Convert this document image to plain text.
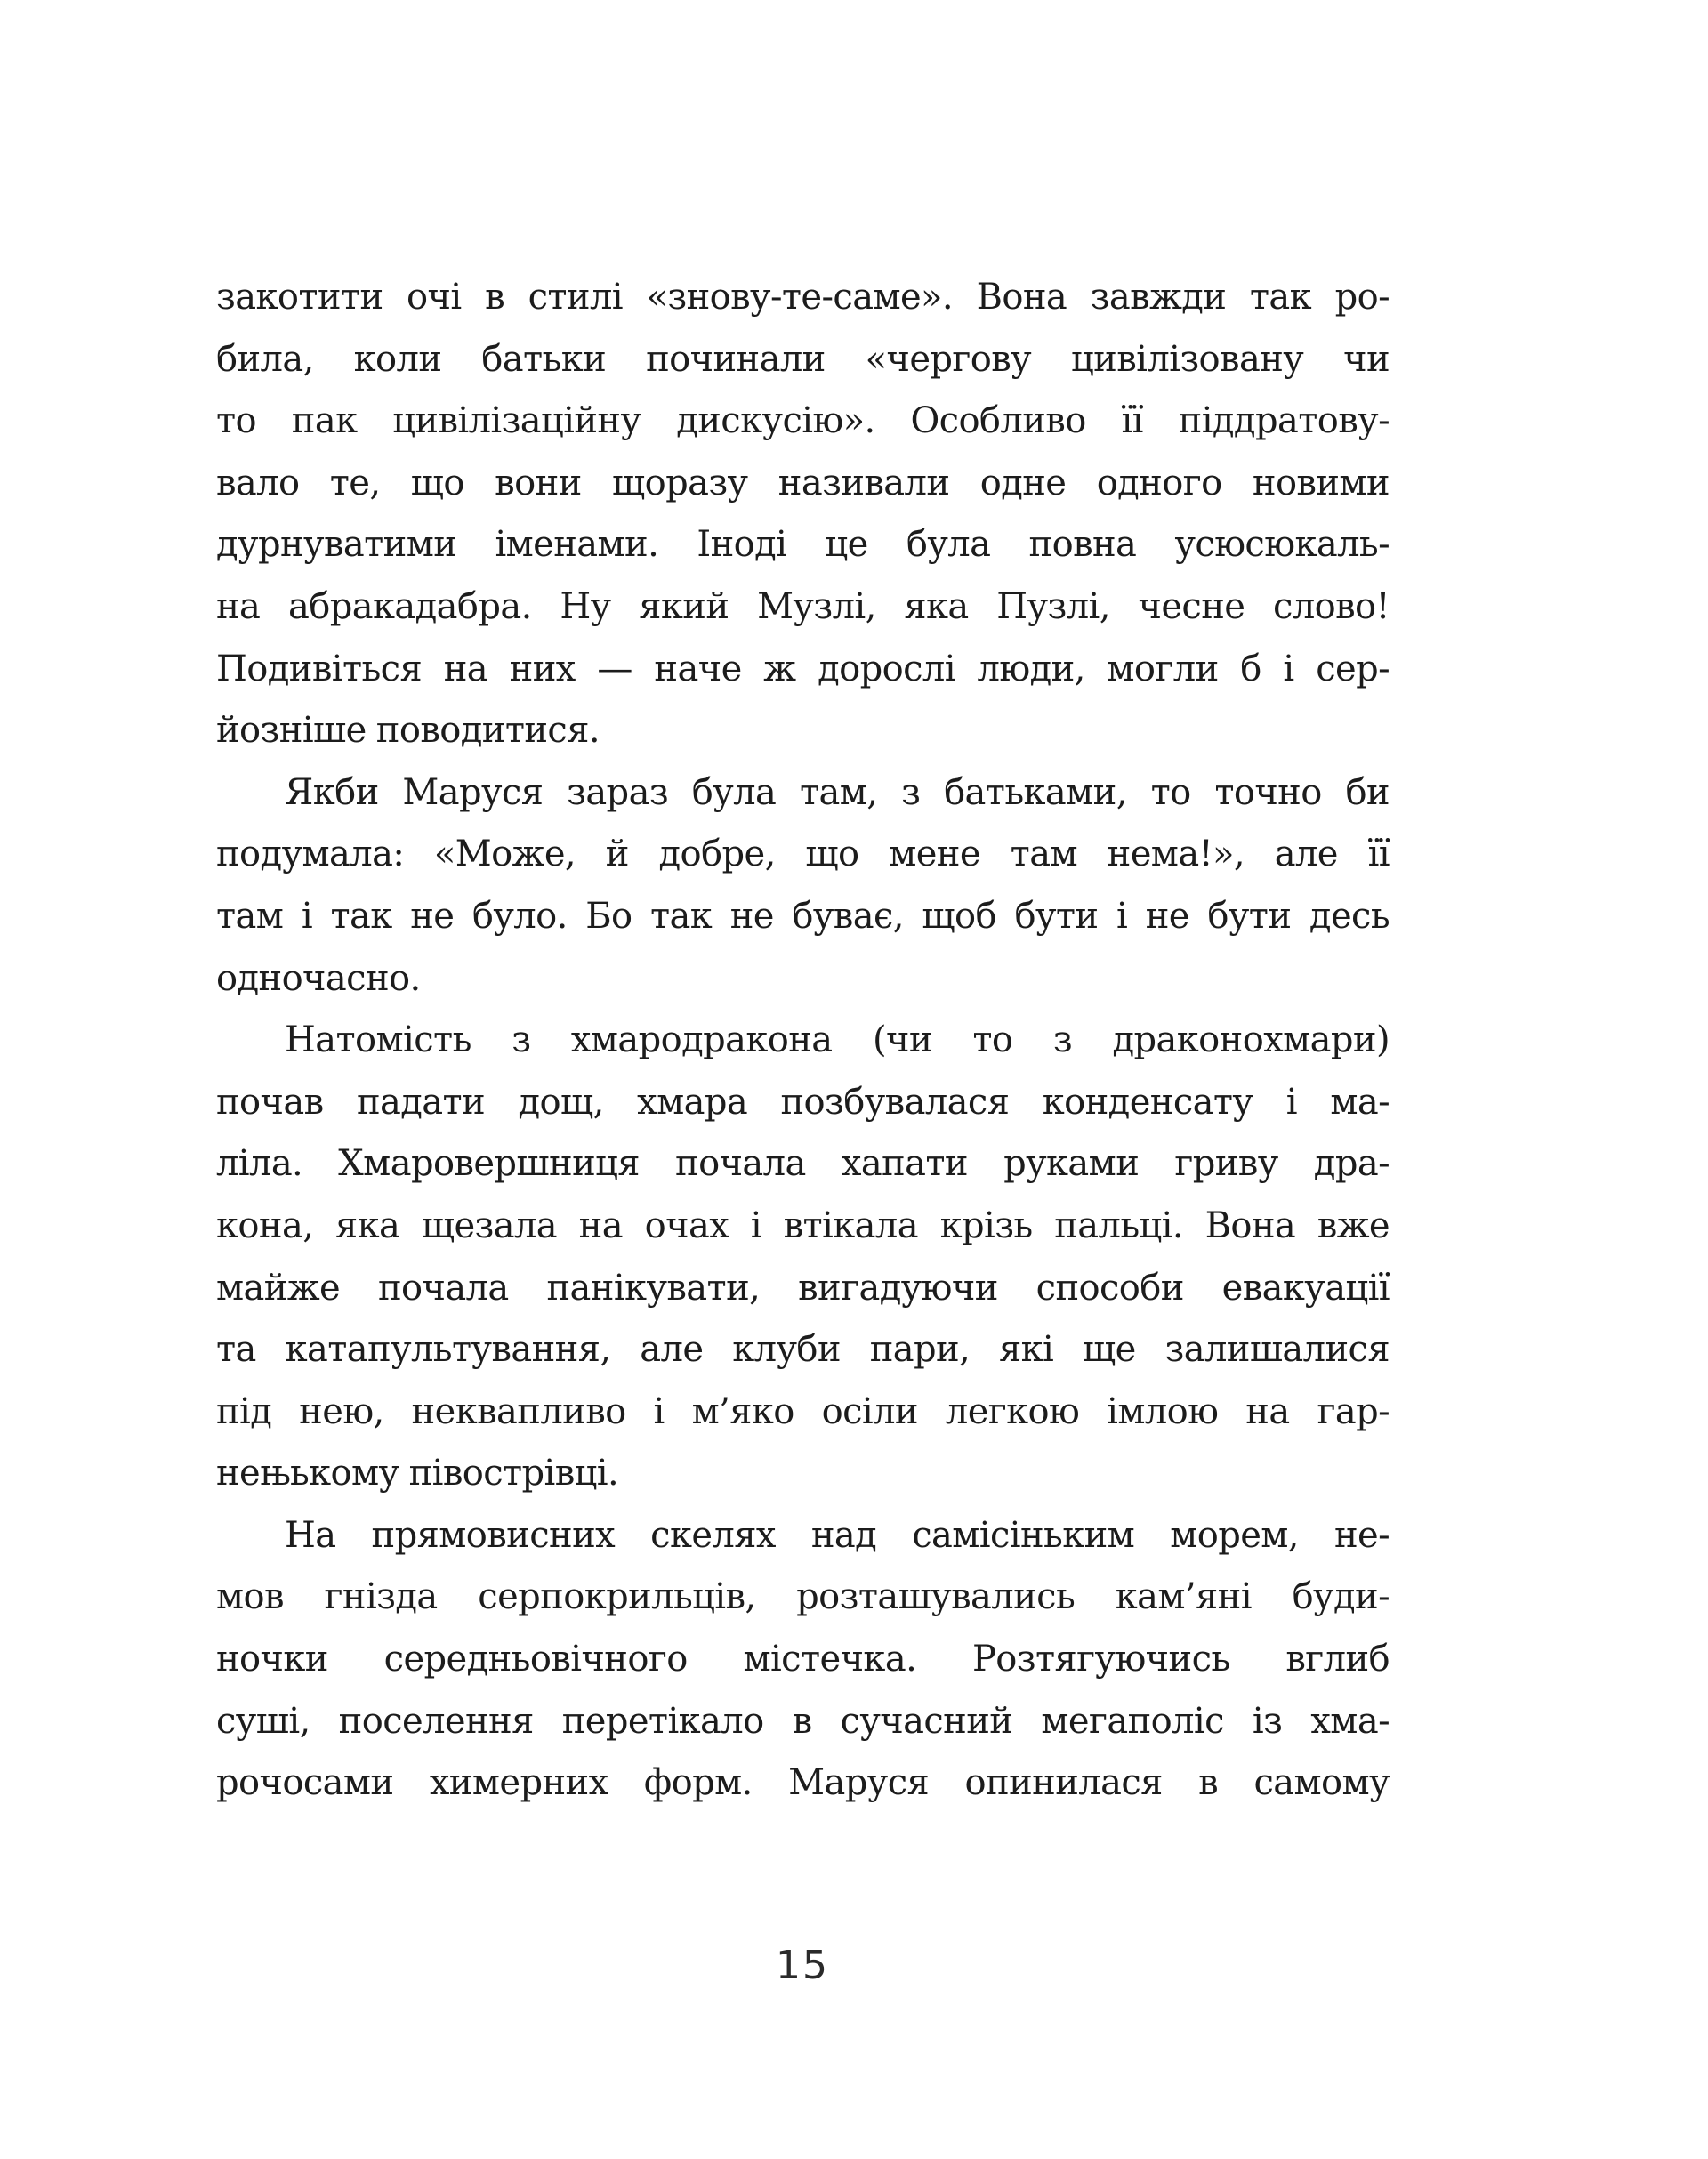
закотити очі в стилі «знову-те-саме». Вона завжди так ро-
била, коли батьки починали «чергову цивілізовану чи
то пак цивілізаційну дискусію». Особливо її піддратову-
вало те, що вони щоразу називали одне одного новими
дурнуватими іменами. Іноді це була повна усюсюкаль-
на абракадабра. Ну який Музлі, яка Пузлі, чесне слово!
Подивіться на них — наче ж дорослі люди, могли б і сер-
йозніше поводитися.
Якби Маруся зараз була там, з батьками, то точно би
подумала: «Може, й добре, що мене там нема!», але її
там і так не було. Бо так не буває, щоб бути і не бути десь
одночасно.
Натомість з хмародракона (чи то з драконохмари)
почав падати дощ, хмара позбувалася конденсату і ма-
ліла. Хмаровершниця почала хапати руками гриву дра-
кона, яка щезала на очах і втікала крізь пальці. Вона вже
майже почала панікувати, вигадуючи способи евакуації
та катапультування, але клуби пари, які ще залишалися
під нею, неквапливо і м’яко осіли легкою імлою на гар-
нењькому півострівці.
На прямовисних скелях над самісіньким морем, не-
мов гнізда серпокрильців, розташувались кам’яні буди-
ночки середньовічного містечка. Розтягуючись вглиб
суші, поселення перетікало в сучасний мегаполіс із хма-
рочосами химерних форм. Маруся опинилася в самому
15
